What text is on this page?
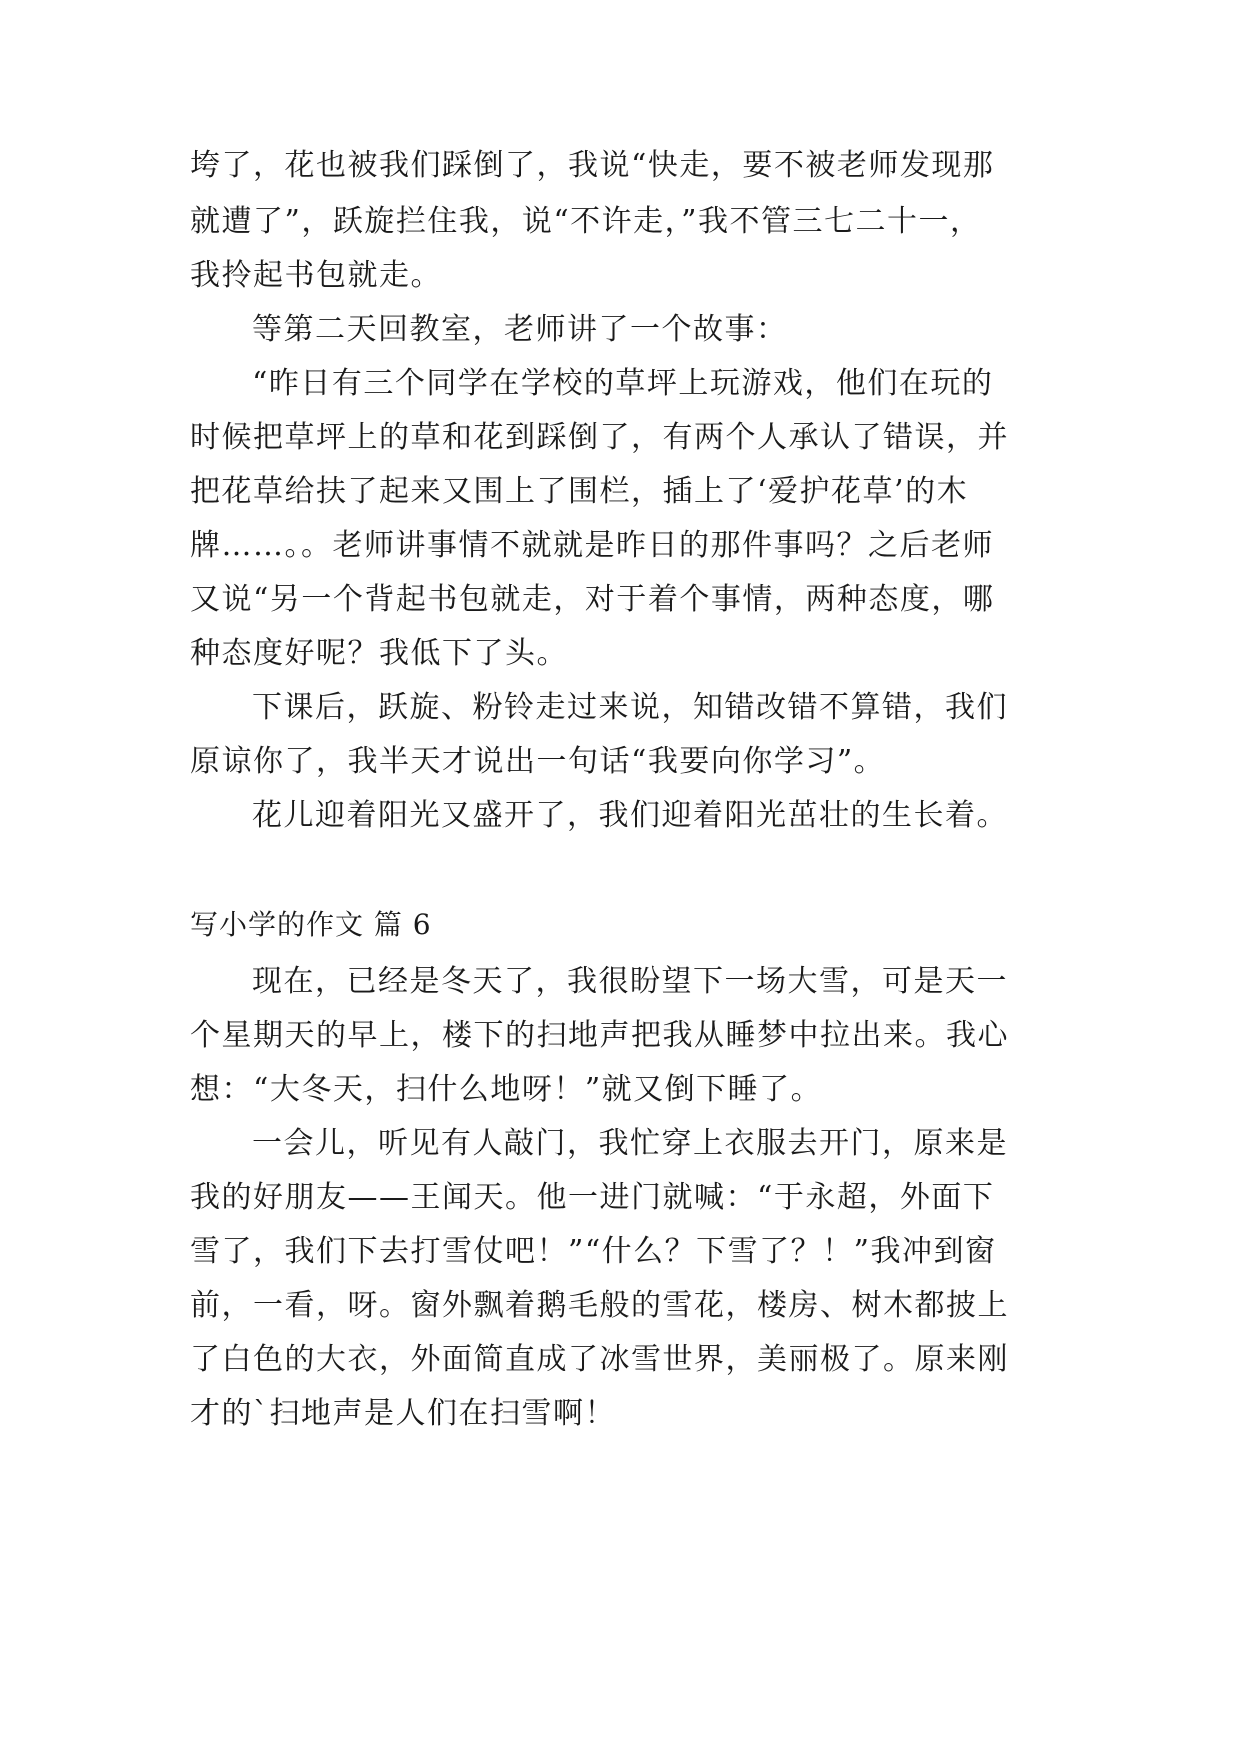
垮了，花也被我们踩倒了，我说“快走，要不被老师发现那
就遭了”，跃旋拦住我，说“不许走，”我不管三七二十一，
我拎起书包就走。
等第二天回教室，老师讲了一个故事：
“昨日有三个同学在学校的草坪上玩游戏，他们在玩的
时候把草坪上的草和花到踩倒了，有两个人承认了错误，并
把花草给扶了起来又围上了围栏，插上了‘爱护花草’的木
牌……。。老师讲事情不就就是昨日的那件事吗？之后老师
又说“另一个背起书包就走，对于着个事情，两种态度，哪
种态度好呢？我低下了头。
下课后，跃旋、粉铃走过来说，知错改错不算错，我们
原谅你了，我半天才说出一句话“我要向你学习”。
花儿迎着阳光又盛开了，我们迎着阳光茁壮的生长着。
写小学的作文 篇 6
现在，已经是冬天了，我很盼望下一场大雪，可是天一
个星期天的早上，楼下的扫地声把我从睡梦中拉出来。我心
想：“大冬天，扫什么地呀！”就又倒下睡了。
一会儿，听见有人敲门，我忙穿上衣服去开门，原来是
我的好朋友——王闻天。他一进门就喊：“于永超，外面下
雪了，我们下去打雪仗吧！”“什么？下雪了？！”我冲到窗
前，一看，呀。窗外飘着鹅毛般的雪花，楼房、树木都披上
了白色的大衣，外面简直成了冰雪世界，美丽极了。原来刚
才的`扫地声是人们在扫雪啊！
